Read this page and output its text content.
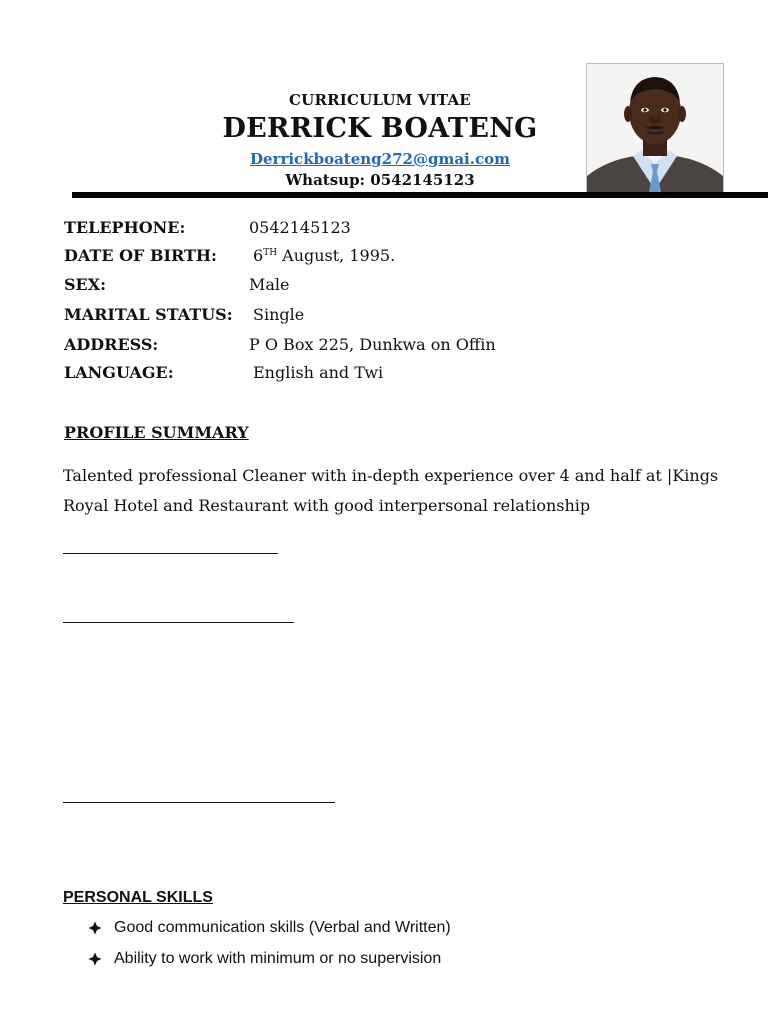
CURRICULUM VITAE
DERRICK BOATENG
Derrickboateng272@gmai.com
Whatsup: 0542145123
TELEPHONE:	0542145123
DATE OF BIRTH: 6TH August, 1995.
SEX:	Male
MARITAL STATUS: Single
ADDRESS:	P O Box 225, Dunkwa on Offin
LANGUAGE:	English and Twi
PROFILE SUMMARY
Talented professional Cleaner with in-depth experience over 4 and half at |Kings Royal Hotel and Restaurant with good interpersonal relationship
PERSONAL SKILLS
Good communication skills (Verbal and Written)
Ability to work with minimum or no supervision
